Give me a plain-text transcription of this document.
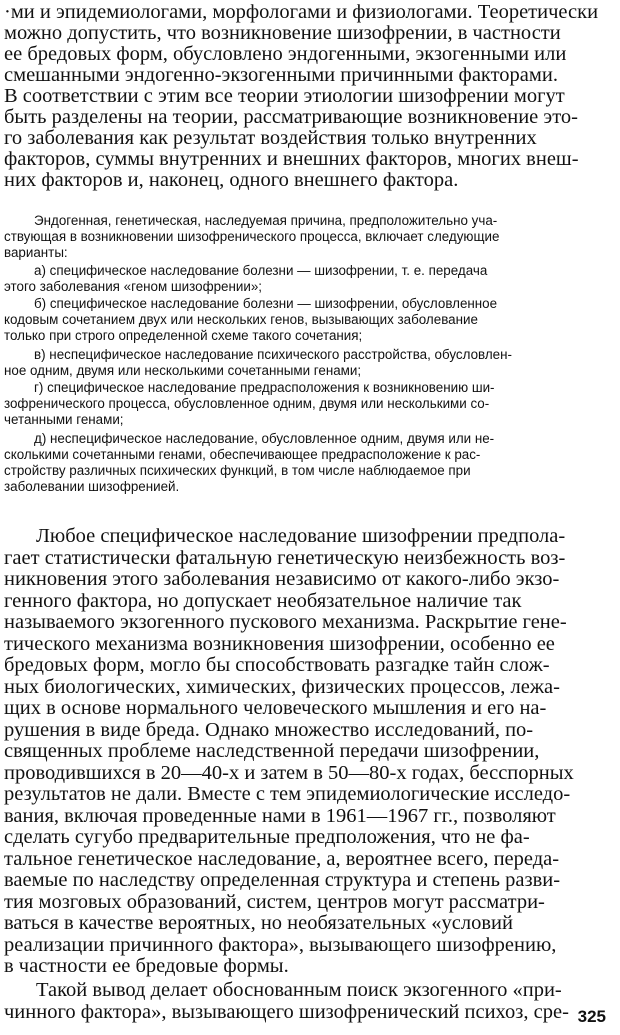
·ми и эпидемиологами, морфологами и физиологами. Теоретически
можно допустить, что возникновение шизофрении, в частности
ее бредовых форм, обусловлено эндогенными, экзогенными или
смешанными эндогенно-экзогенными причинными факторами.
В соответствии с этим все теории этиологии шизофрении могут
быть разделены на теории, рассматривающие возникновение это-
го заболевания как результат воздействия только внутренних
факторов, суммы внутренних и внешних факторов, многих внеш-
них факторов и, наконец, одного внешнего фактора.
Эндогенная, генетическая, наследуемая причина, предположительно уча-
ствующая в возникновении шизофренического процесса, включает следующие
варианты:
а) специфическое наследование болезни — шизофрении, т. е. передача
этого заболевания «геном шизофрении»;
б) специфическое наследование болезни — шизофрении, обусловленное
кодовым сочетанием двух или нескольких генов, вызывающих заболевание
только при строго определенной схеме такого сочетания;
в) неспецифическое наследование психического расстройства, обусловлен-
ное одним, двумя или несколькими сочетанными генами;
г) специфическое наследование предрасположения к возникновению ши-
зофренического процесса, обусловленное одним, двумя или несколькими со-
четанными генами;
д) неспецифическое наследование, обусловленное одним, двумя или не-
сколькими сочетанными генами, обеспечивающее предрасположение к рас-
стройству различных психических функций, в том числе наблюдаемое при
заболевании шизофренией.
Любое специфическое наследование шизофрении предпола-
гает статистически фатальную генетическую неизбежность воз-
никновения этого заболевания независимо от какого-либо экзо-
генного фактора, но допускает необязательное наличие так
называемого экзогенного пускового механизма. Раскрытие гене-
тического механизма возникновения шизофрении, особенно ее
бредовых форм, могло бы способствовать разгадке тайн слож-
ных биологических, химических, физических процессов, лежа-
щих в основе нормального человеческого мышления и его на-
рушения в виде бреда. Однако множество исследований, по-
священных проблеме наследственной передачи шизофрении,
проводившихся в 20—40-х и затем в 50—80-х годах, бесспорных
результатов не дали. Вместе с тем эпидемиологические исследо-
вания, включая проведенные нами в 1961—1967 гг., позволяют
сделать сугубо предварительные предположения, что не фа-
тальное генетическое наследование, а, вероятнее всего, переда-
ваемые по наследству определенная структура и степень разви-
тия мозговых образований, систем, центров могут рассматри-
ваться в качестве вероятных, но необязательных «условий
реализации причинного фактора», вызывающего шизофрению,
в частности ее бредовые формы.
Такой вывод делает обоснованным поиск экзогенного «при-
чинного фактора», вызывающего шизофренический психоз, сре- 325
